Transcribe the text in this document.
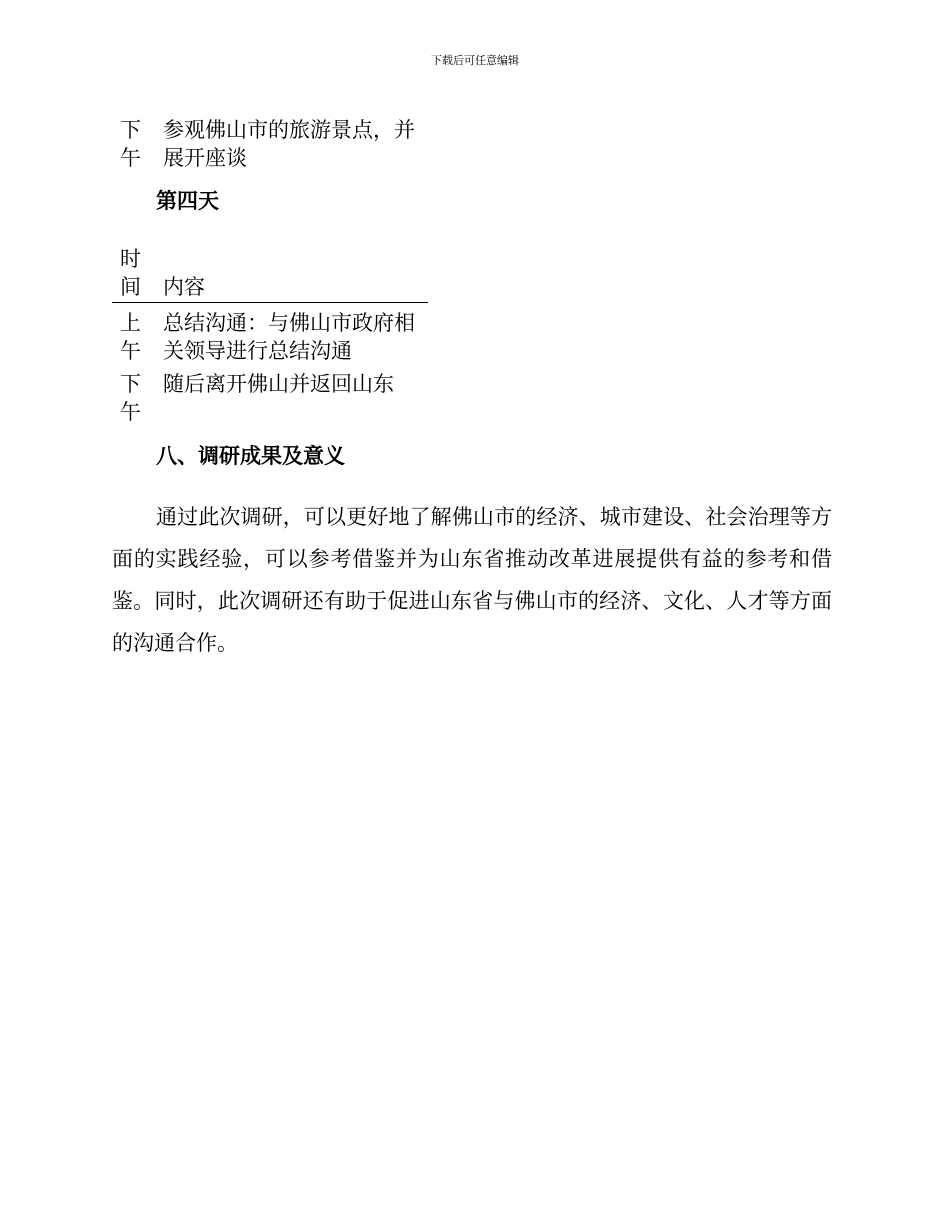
下载后可任意编辑
下午
参观佛山市的旅游景点，并展开座谈
第四天
时间 内容
上午
总结沟通：与佛山市政府相关领导进行总结沟通
下午
随后离开佛山并返回山东
八、调研成果及意义
通过此次调研，可以更好地了解佛山市的经济、城市建设、社会治理等方面的实践经验，可以参考借鉴并为山东省推动改革进展提供有益的参考和借鉴。同时，此次调研还有助于促进山东省与佛山市的经济、文化、人才等方面的沟通合作。
